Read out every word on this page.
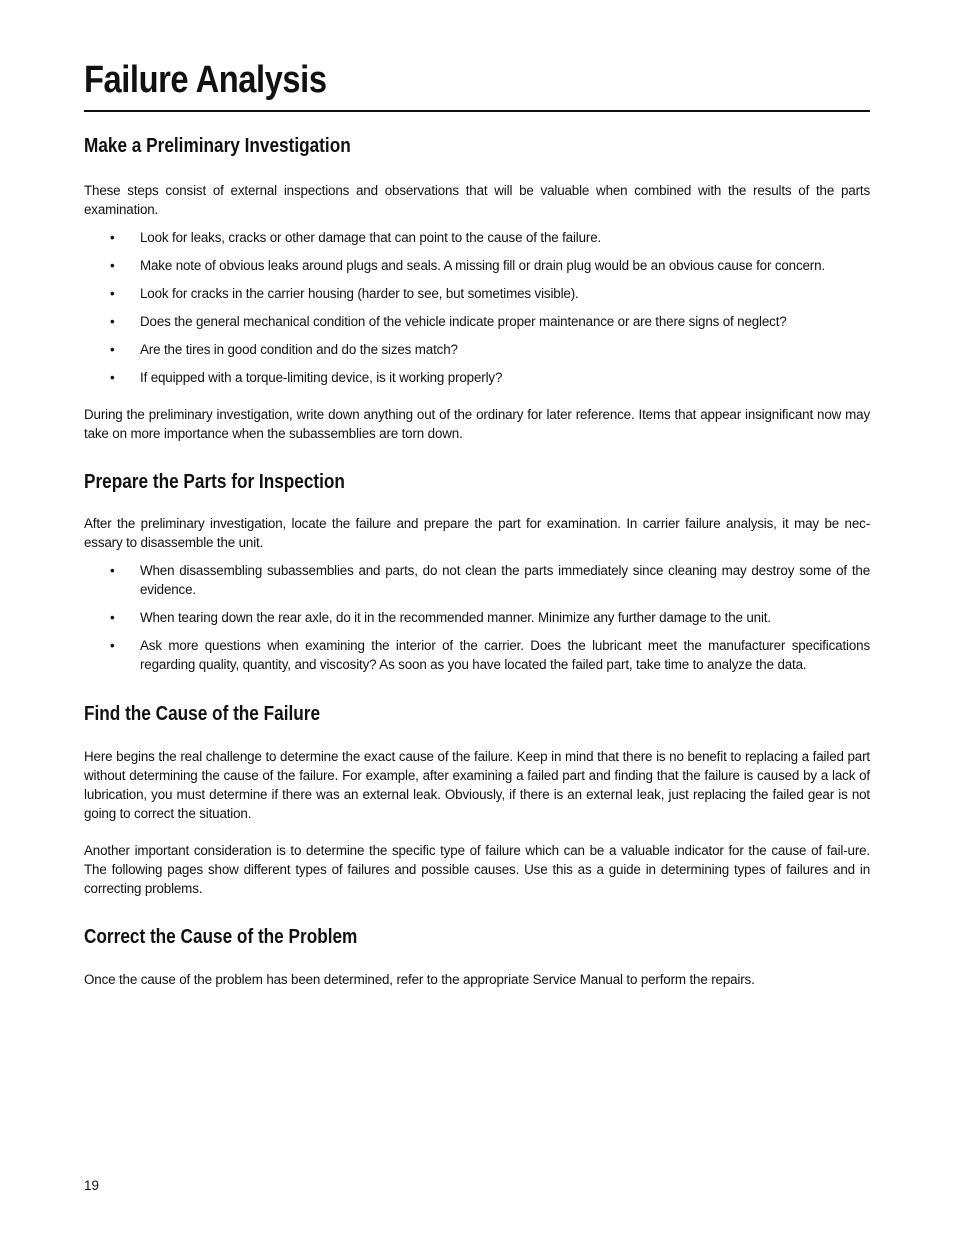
Failure Analysis
Make a Preliminary Investigation

These steps consist of external inspections and observations that will be valuable when combined with the results of the parts examination.

• Look for leaks, cracks or other damage that can point to the cause of the failure.
• Make note of obvious leaks around plugs and seals. A missing fill or drain plug would be an obvious cause for concern.
• Look for cracks in the carrier housing (harder to see, but sometimes visible).
• Does the general mechanical condition of the vehicle indicate proper maintenance or are there signs of neglect?
• Are the tires in good condition and do the sizes match?
• If equipped with a torque-limiting device, is it working properly?

During the preliminary investigation, write down anything out of the ordinary for later reference. Items that appear insignificant now may take on more importance when the subassemblies are torn down.

Prepare the Parts for Inspection

After the preliminary investigation, locate the failure and prepare the part for examination. In carrier failure analysis, it may be nec-essary to disassemble the unit.

• When disassembling subassemblies and parts, do not clean the parts immediately since cleaning may destroy some of the evidence.
• When tearing down the rear axle, do it in the recommended manner. Minimize any further damage to the unit.
• Ask more questions when examining the interior of the carrier. Does the lubricant meet the manufacturer specifications regarding quality, quantity, and viscosity? As soon as you have located the failed part, take time to analyze the data.
Find the Cause of the Failure

Here begins the real challenge to determine the exact cause of the failure. Keep in mind that there is no benefit to replacing a failed part without determining the cause of the failure. For example, after examining a failed part and finding that the failure is caused by a lack of lubrication, you must determine if there was an external leak. Obviously, if there is an external leak, just replacing the failed gear is not going to correct the situation.

Another important consideration is to determine the specific type of failure which can be a valuable indicator for the cause of fail-ure. The following pages show different types of failures and possible causes. Use this as a guide in determining types of failures and in correcting problems.

Correct the Cause of the Problem

Once the cause of the problem has been determined, refer to the appropriate Service Manual to perform the repairs.

19
